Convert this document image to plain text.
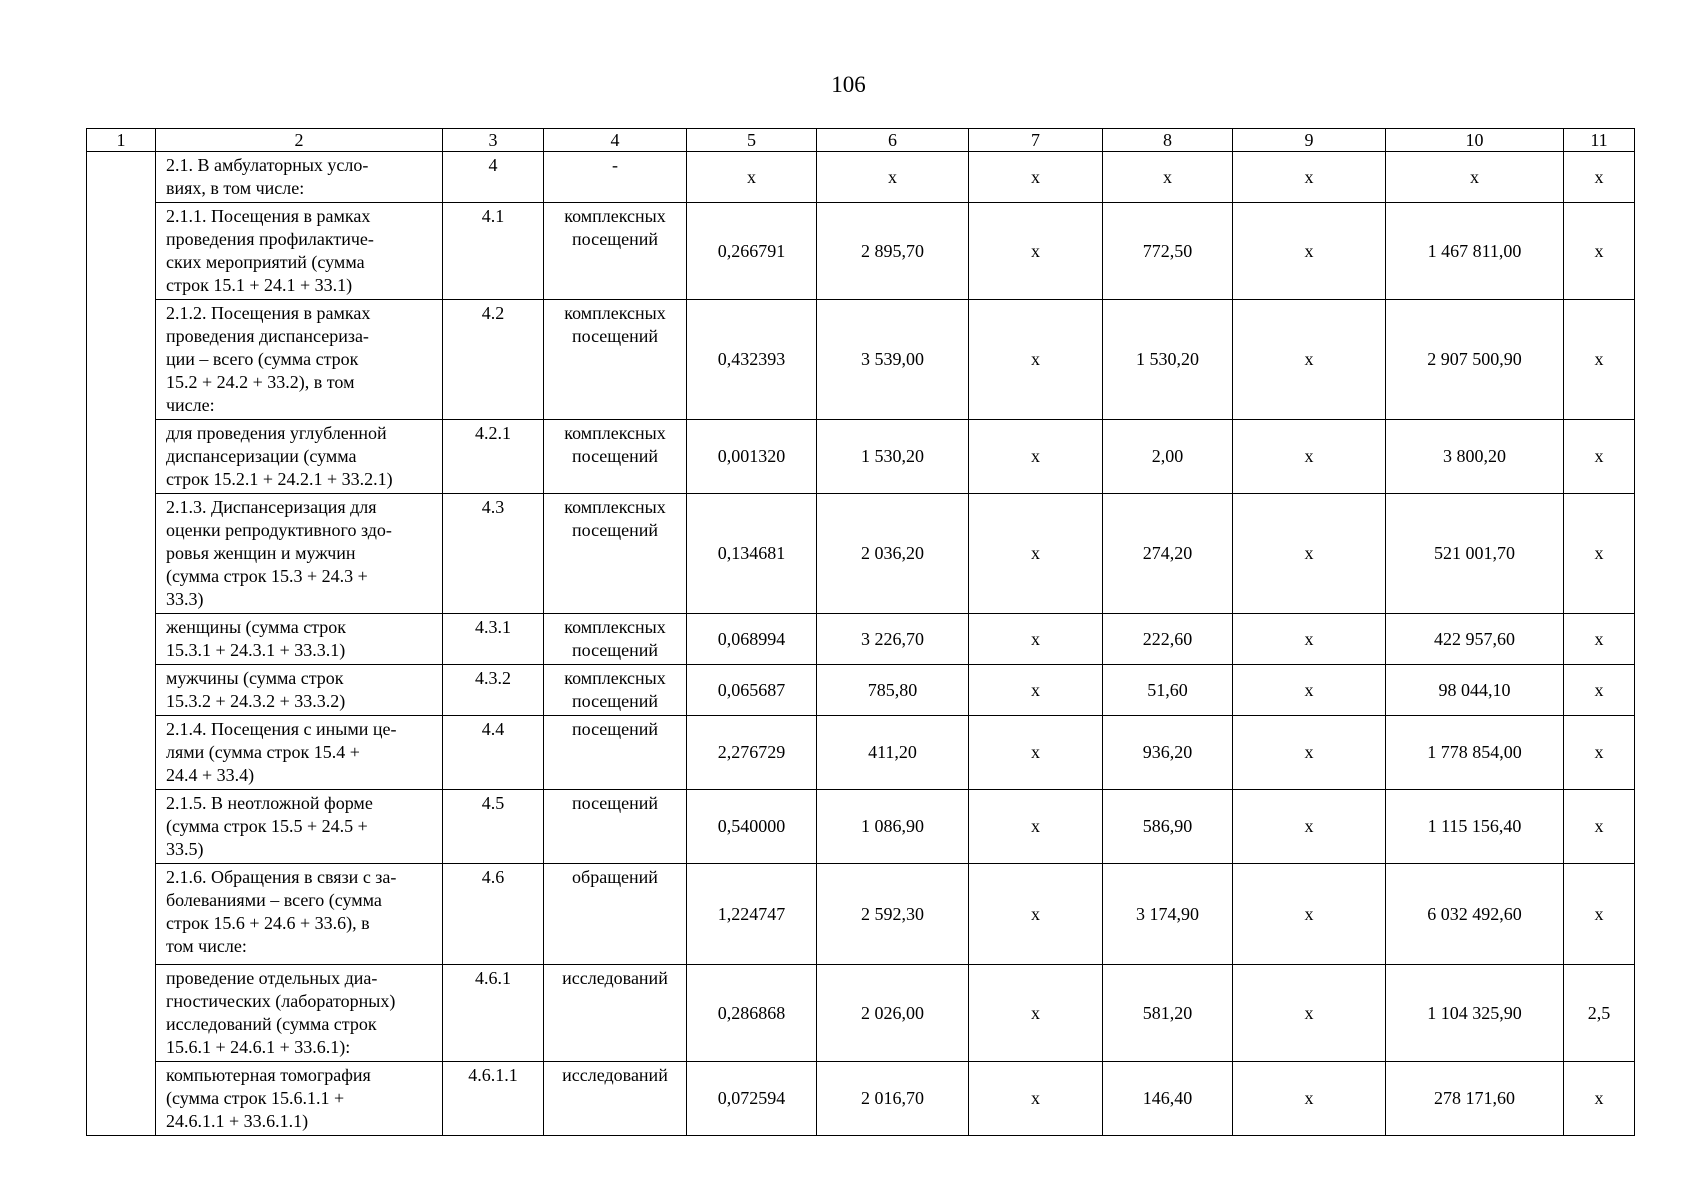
106
1	2	3	4	5	6	7	8	9	10	11
	2.1. В амбулаторных усло-
виях, в том числе:	4	-	х	х	х	х	х	х	х
	2.1.1. Посещения в рамках
проведения профилактиче-
ских мероприятий (сумма
строк 15.1 + 24.1 + 33.1)	4.1	комплексных
посещений	0,266791	2 895,70	х	772,50	х	1 467 811,00	х
	2.1.2. Посещения в рамках
проведения диспансериза-
ции – всего (сумма строк
15.2 + 24.2 + 33.2), в том
числе:	4.2	комплексных
посещений	0,432393	3 539,00	х	1 530,20	х	2 907 500,90	х
	для проведения углубленной
диспансеризации (сумма
строк 15.2.1 + 24.2.1 + 33.2.1)	4.2.1	комплексных
посещений	0,001320	1 530,20	х	2,00	х	3 800,20	х
	2.1.3. Диспансеризация для
оценки репродуктивного здо-
ровья женщин и мужчин
(сумма строк 15.3 + 24.3 +
33.3)	4.3	комплексных
посещений	0,134681	2 036,20	х	274,20	х	521 001,70	х
	женщины (сумма строк
15.3.1 + 24.3.1 + 33.3.1)	4.3.1	комплексных
посещений	0,068994	3 226,70	х	222,60	х	422 957,60	х
	мужчины (сумма строк
15.3.2 + 24.3.2 + 33.3.2)	4.3.2	комплексных
посещений	0,065687	785,80	х	51,60	х	98 044,10	х
	2.1.4. Посещения с иными це-
лями (сумма строк 15.4 +
24.4 + 33.4)	4.4	посещений	2,276729	411,20	х	936,20	х	1 778 854,00	х
	2.1.5. В неотложной форме
(сумма строк 15.5 + 24.5 +
33.5)	4.5	посещений	0,540000	1 086,90	х	586,90	х	1 115 156,40	х
	2.1.6. Обращения в связи с за-
болеваниями – всего (сумма
строк 15.6 + 24.6 + 33.6), в
том числе:	4.6	обращений	1,224747	2 592,30	х	3 174,90	х	6 032 492,60	х
	проведение отдельных диа-
гностических (лабораторных)
исследований (сумма строк
15.6.1 + 24.6.1 + 33.6.1):	4.6.1	исследований	0,286868	2 026,00	х	581,20	х	1 104 325,90	2,5
	компьютерная томография
(сумма строк 15.6.1.1 +
24.6.1.1 + 33.6.1.1)	4.6.1.1	исследований	0,072594	2 016,70	х	146,40	х	278 171,60	х
